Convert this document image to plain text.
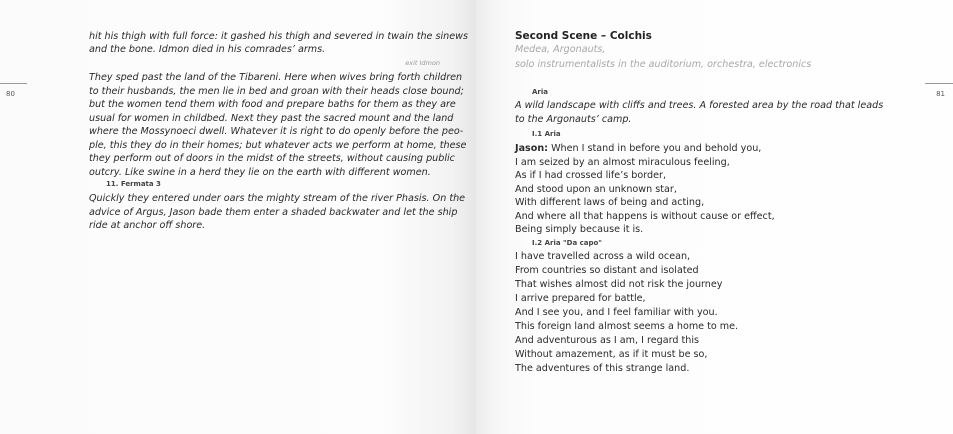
80
hit his thigh with full force: it gashed his thigh and severed in twain the sinews
and the bone. Idmon died in his comrades’ arms.
exit Idmon
They sped past the land of the Tibareni. Here when wives bring forth children
to their husbands, the men lie in bed and groan with their heads close bound;
but the women tend them with food and prepare baths for them as they are
usual for women in childbed. Next they past the sacred mount and the land
where the Mossynoeci dwell. Whatever it is right to do openly before the peo-
ple, this they do in their homes; but whatever acts we perform at home, these
they perform out of doors in the midst of the streets, without causing public
outcry. Like swine in a herd they lie on the earth with different women.
11. Fermata 3
Quickly they entered under oars the mighty stream of the river Phasis. On the
advice of Argus, Jason bade them enter a shaded backwater and let the ship
ride at anchor off shore.
81
Second Scene – Colchis
Medea, Argonauts,
solo instrumentalists in the auditorium, orchestra, electronics
Aria
A wild landscape with cliffs and trees. A forested area by the road that leads
to the Argonauts’ camp.
I.1 Aria
Jason: When I stand in before you and behold you,
I am seized by an almost miraculous feeling,
As if I had crossed life’s border,
And stood upon an unknown star,
With different laws of being and acting,
And where all that happens is without cause or effect,
Being simply because it is.
I.2 Aria "Da capo"
I have travelled across a wild ocean,
From countries so distant and isolated
That wishes almost did not risk the journey
I arrive prepared for battle,
And I see you, and I feel familiar with you.
This foreign land almost seems a home to me.
And adventurous as I am, I regard this
Without amazement, as if it must be so,
The adventures of this strange land.
